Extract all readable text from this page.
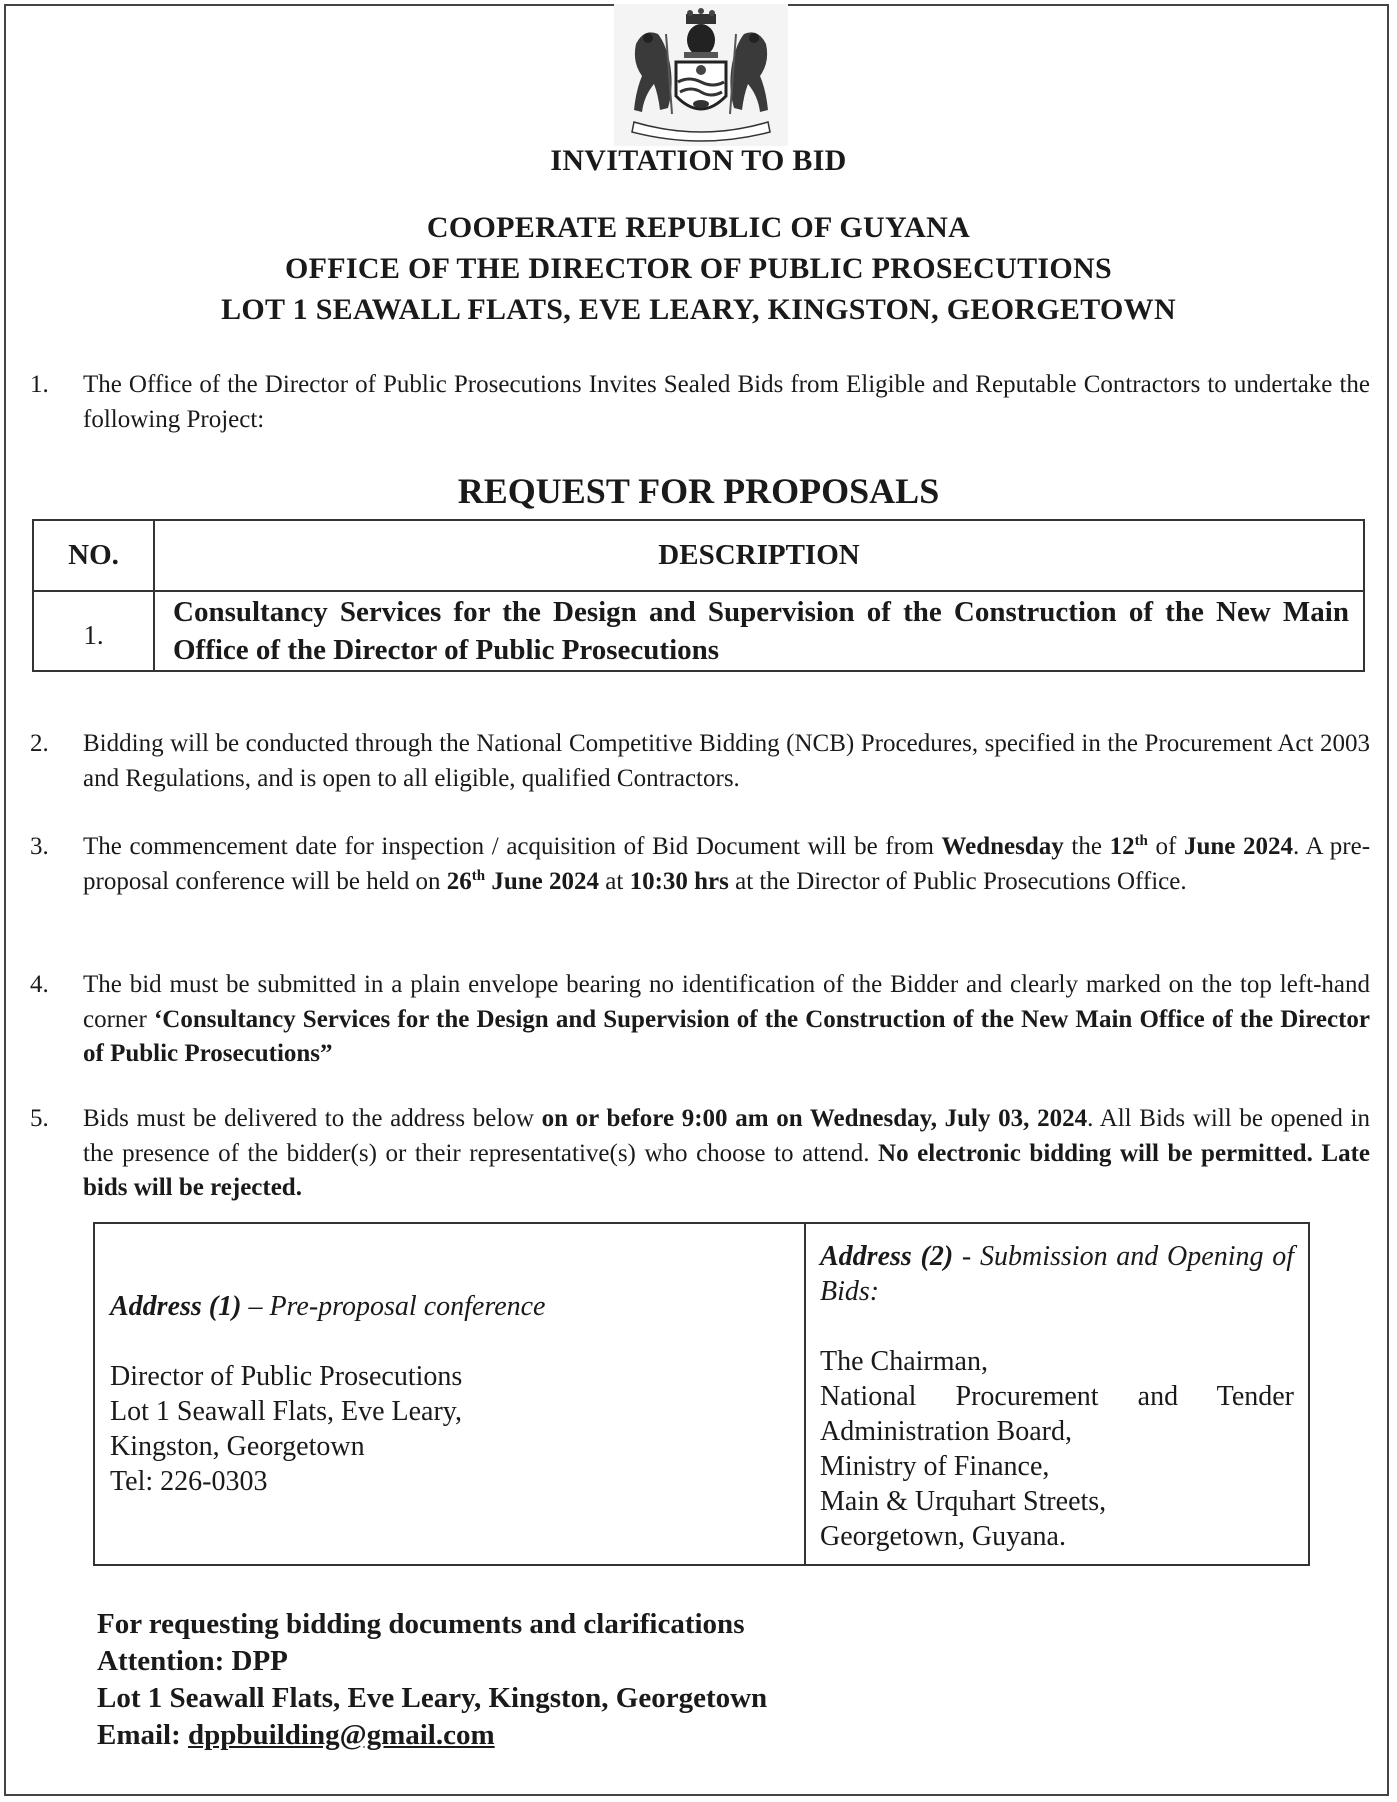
INVITATION TO BID
COOPERATE REPUBLIC OF GUYANA
OFFICE OF THE DIRECTOR OF PUBLIC PROSECUTIONS
LOT 1 SEAWALL FLATS, EVE LEARY, KINGSTON, GEORGETOWN
1.	The Office of the Director of Public Prosecutions Invites Sealed Bids from Eligible and Reputable Contractors to undertake the following Project:
REQUEST FOR PROPOSALS
NO.	DESCRIPTION
1.	Consultancy Services for the Design and Supervision of the Construction of the New Main Office of the Director of Public Prosecutions
2.	Bidding will be conducted through the National Competitive Bidding (NCB) Procedures, specified in the Procurement Act 2003 and Regulations, and is open to all eligible, qualified Contractors.
3.	The commencement date for inspection / acquisition of Bid Document will be from Wednesday the 12th of June 2024. A pre-proposal conference will be held on 26th June 2024 at 10:30 hrs at the Director of Public Prosecutions Office.
4.	The bid must be submitted in a plain envelope bearing no identification of the Bidder and clearly marked on the top left-hand corner ‘Consultancy Services for the Design and Supervision of the Construction of the New Main Office of the Director of Public Prosecutions”
5.	Bids must be delivered to the address below on or before 9:00 am on Wednesday, July 03, 2024. All Bids will be opened in the presence of the bidder(s) or their representative(s) who choose to attend. No electronic bidding will be permitted. Late bids will be rejected.
Address (1) – Pre-proposal conference
Director of Public Prosecutions
Lot 1 Seawall Flats, Eve Leary,
Kingston, Georgetown
Tel: 226-0303

Address (2) - Submission and Opening of Bids:
The Chairman,
National Procurement and Tender
Administration Board,
Ministry of Finance,
Main & Urquhart Streets,
Georgetown, Guyana.
For requesting bidding documents and clarifications
Attention: DPP
Lot 1 Seawall Flats, Eve Leary, Kingston, Georgetown
Email: dppbuilding@gmail.com
